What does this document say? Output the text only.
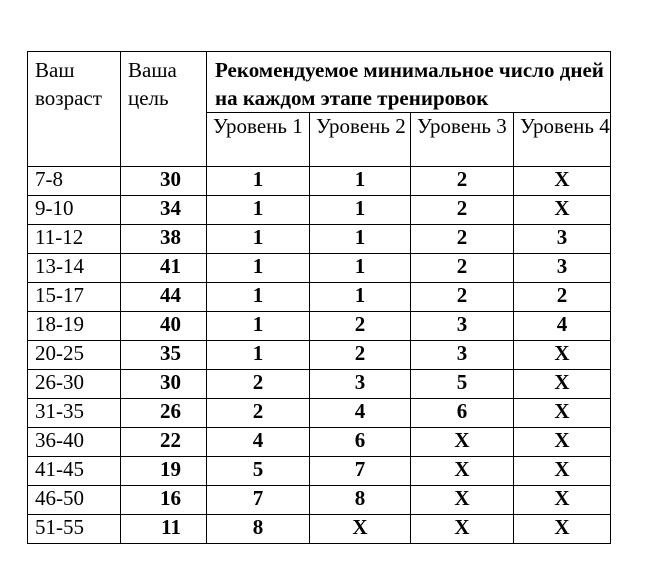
Ваш возраст	Ваша цель	Рекомендуемое минимальное число дней на каждом этапе тренировок			
		Уровень 1	Уровень 2	Уровень 3	Уровень 4
7-8	30	1	1	2	X
9-10	34	1	1	2	X
11-12	38	1	1	2	3
13-14	41	1	1	2	3
15-17	44	1	1	2	2
18-19	40	1	2	3	4
20-25	35	1	2	3	X
26-30	30	2	3	5	X
31-35	26	2	4	6	X
36-40	22	4	6	X	X
41-45	19	5	7	X	X
46-50	16	7	8	X	X
51-55	11	8	X	X	X
